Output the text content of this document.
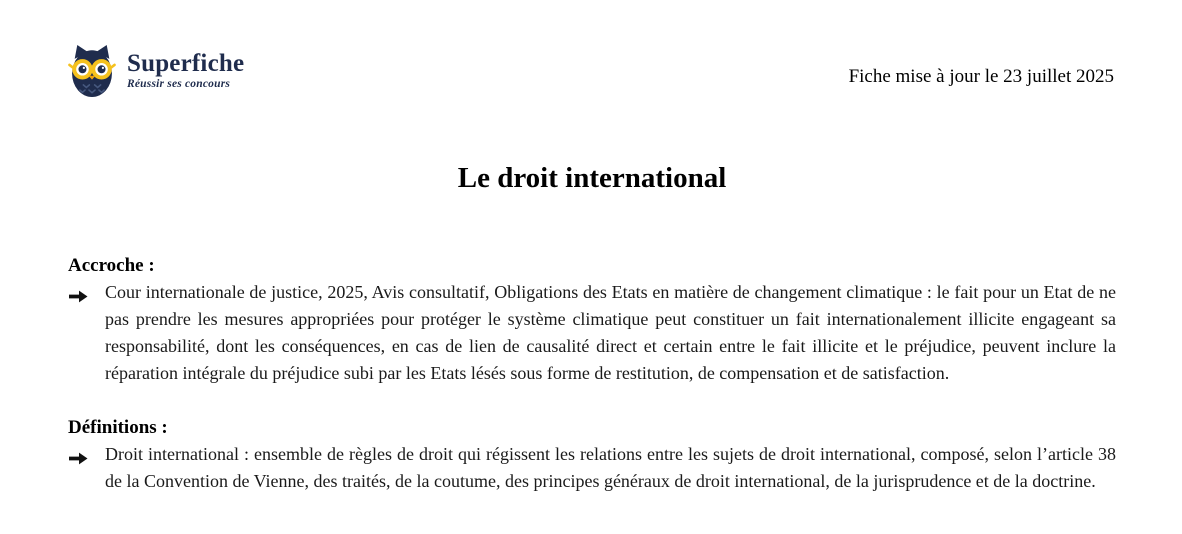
Superfiche
Réussir ses concours	Fiche mise à jour le 23 juillet 2025
Le droit international
Accroche :
Cour internationale de justice, 2025, Avis consultatif, Obligations des Etats en matière de changement climatique : le fait pour un Etat de ne pas prendre les mesures appropriées pour protéger le système climatique peut constituer un fait internationalement illicite engageant sa responsabilité, dont les conséquences, en cas de lien de causalité direct et certain entre le fait illicite et le préjudice, peuvent inclure la réparation intégrale du préjudice subi par les Etats lésés sous forme de restitution, de compensation et de satisfaction.
Définitions :
Droit international : ensemble de règles de droit qui régissent les relations entre les sujets de droit international, composé, selon l’article 38 de la Convention de Vienne, des traités, de la coutume, des principes généraux de droit international, de la jurisprudence et de la doctrine.
